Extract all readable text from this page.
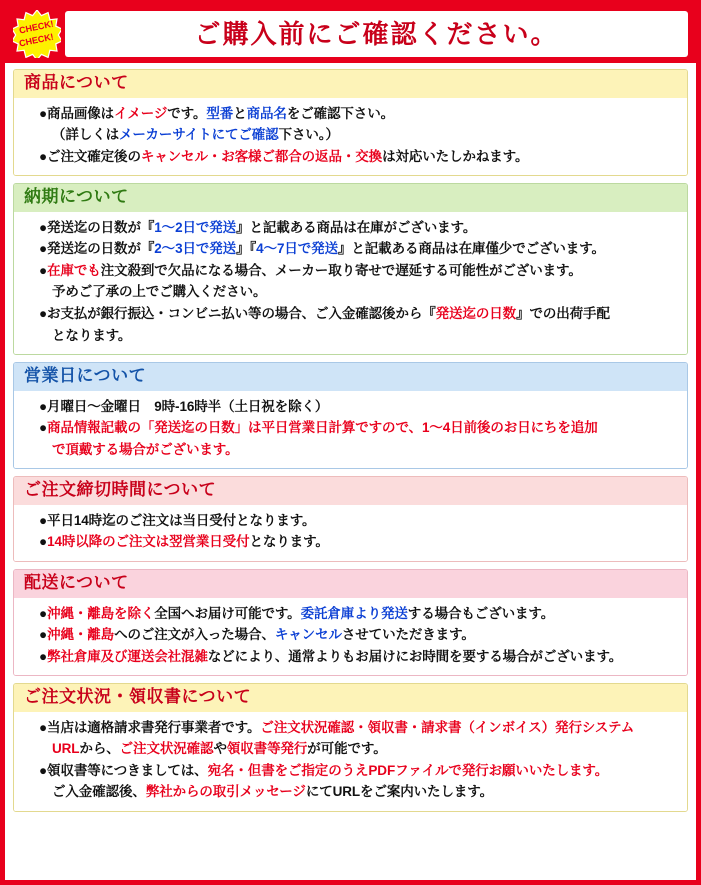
CHECK!
CHECK!	ご購入前にご確認ください。
商品について
●商品画像はイメージです。型番と商品名をご確認下さい。
（詳しくはメーカーサイトにてご確認下さい。）
●ご注文確定後のキャンセル・お客様ご都合の返品・交換は対応いたしかねます。
納期について
●発送迄の日数が『1～2日で発送』と記載ある商品は在庫がございます。
●発送迄の日数が『2～3日で発送』『4～7日で発送』と記載ある商品は在庫僅少でございます。
●在庫でも注文殺到で欠品になる場合、メーカー取り寄せで遅延する可能性がございます。
予めご了承の上でご購入ください。
●お支払が銀行振込・コンビニ払い等の場合、ご入金確認後から『発送迄の日数』での出荷手配
となります。
営業日について
●月曜日～金曜日　9時-16時半（土日祝を除く）
●商品情報記載の「発送迄の日数」は平日営業日計算ですので、1～4日前後のお日にちを追加
で頂戴する場合がございます。
ご注文締切時間について
●平日14時迄のご注文は当日受付となります。
●14時以降のご注文は翌営業日受付となります。
配送について
●沖縄・離島を除く全国へお届け可能です。委託倉庫より発送する場合もございます。
●沖縄・離島へのご注文が入った場合、キャンセルさせていただきます。
●弊社倉庫及び運送会社混雑などにより、通常よりもお届けにお時間を要する場合がございます。
ご注文状況・領収書について
●当店は適格請求書発行事業者です。ご注文状況確認・領収書・請求書（インボイス）発行システム
URLから、ご注文状況確認や領収書等発行が可能です。
●領収書等につきましては、宛名・但書をご指定のうえPDFファイルで発行お願いいたします。
ご入金確認後、弊社からの取引メッセージにてURLをご案内いたします。
